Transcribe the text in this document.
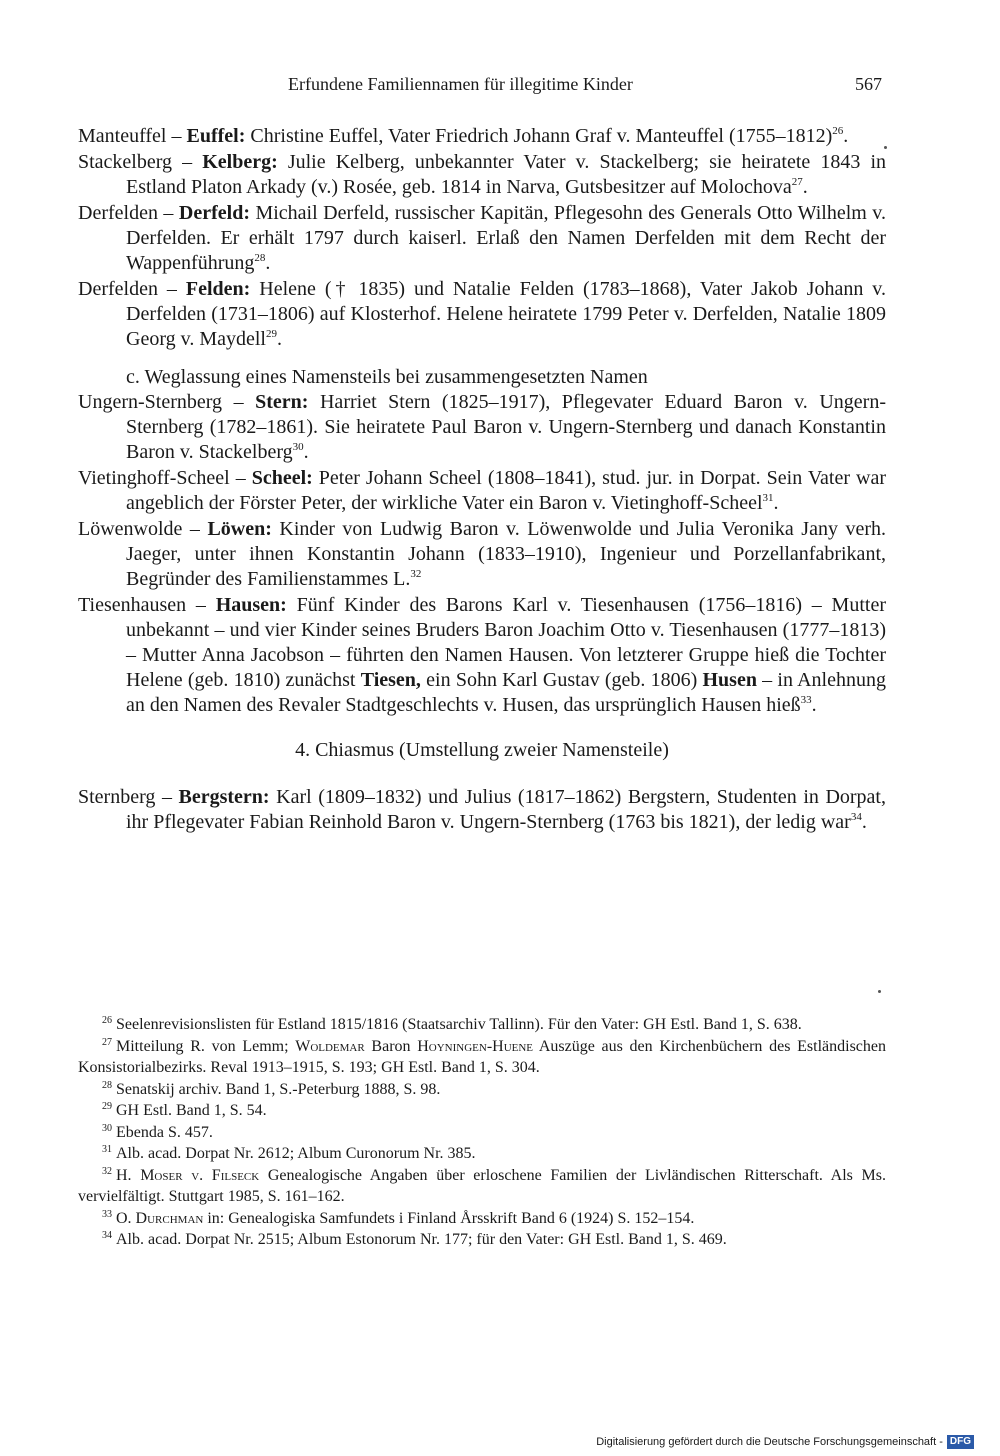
Erfundene Familiennamen für illegitime Kinder	567

Manteuffel – Euffel: Christine Euffel, Vater Friedrich Johann Graf v. Manteuffel (1755–1812)$^{26}$.

Stackelberg – Kelberg: Julie Kelberg, unbekannter Vater v. Stackelberg; sie heiratete 1843 in Estland Platon Arkady (v.) Rosée, geb. 1814 in Narva, Gutsbesitzer auf Molochova$^{27}$.

Derfelden – Derfeld: Michail Derfeld, russischer Kapitän, Pflegesohn des Generals Otto Wilhelm v. Derfelden. Er erhält 1797 durch kaiserl. Erlaß den Namen Derfelden mit dem Recht der Wappenführung$^{28}$.

Derfelden – Felden: Helene († 1835) und Natalie Felden (1783–1868), Vater Jakob Johann v. Derfelden (1731–1806) auf Klosterhof. Helene heiratete 1799 Peter v. Derfelden, Natalie 1809 Georg v. Maydell$^{29}$.

c. Weglassung eines Namensteils bei zusammengesetzten Namen

Ungern-Sternberg – Stern: Harriet Stern (1825–1917), Pflegevater Eduard Baron v. Ungern-Sternberg (1782–1861). Sie heiratete Paul Baron v. Ungern-Sternberg und danach Konstantin Baron v. Stackelberg$^{30}$.

Vietinghoff-Scheel – Scheel: Peter Johann Scheel (1808–1841), stud. jur. in Dorpat. Sein Vater war angeblich der Förster Peter, der wirkliche Vater ein Baron v. Vietinghoff-Scheel$^{31}$.

Löwenwolde – Löwen: Kinder von Ludwig Baron v. Löwenwolde und Julia Veronika Jany verh. Jaeger, unter ihnen Konstantin Johann (1833–1910), Ingenieur und Porzellanfabrikant, Begründer des Familienstammes L.$^{32}$

Tiesenhausen – Hausen: Fünf Kinder des Barons Karl v. Tiesenhausen (1756–1816) – Mutter unbekannt – und vier Kinder seines Bruders Baron Joachim Otto v. Tiesenhausen (1777–1813) – Mutter Anna Jacobson – führten den Namen Hausen. Von letzterer Gruppe hieß die Tochter Helene (geb. 1810) zunächst Tiesen, ein Sohn Karl Gustav (geb. 1806) Husen – in Anlehnung an den Namen des Revaler Stadtgeschlechts v. Husen, das ursprünglich Hausen hieß$^{33}$.

4. Chiasmus (Umstellung zweier Namensteile)

Sternberg – Bergstern: Karl (1809–1832) und Julius (1817–1862) Bergstern, Studenten in Dorpat, ihr Pflegevater Fabian Reinhold Baron v. Ungern-Sternberg (1763 bis 1821), der ledig war$^{34}$.

$^{26}$ Seelenrevisionslisten für Estland 1815/1816 (Staatsarchiv Tallinn). Für den Vater: GH Estl. Band 1, S. 638.

$^{27}$ Mitteilung R. von Lemm; Woldemar Baron Hoyningen-Huene Auszüge aus den Kirchenbüchern des Estländischen Konsistorialbezirks. Reval 1913–1915, S. 193; GH Estl. Band 1, S. 304.

$^{28}$ Senatskij archiv. Band 1, S.-Peterburg 1888, S. 98.

$^{29}$ GH Estl. Band 1, S. 54.

$^{30}$ Ebenda S. 457.

$^{31}$ Alb. acad. Dorpat Nr. 2612; Album Curonorum Nr. 385.

$^{32}$ H. Moser v. Filseck Genealogische Angaben über erloschene Familien der Livländischen Ritterschaft. Als Ms. vervielfältigt. Stuttgart 1985, S. 161–162.

$^{33}$ O. Durchman in: Genealogiska Samfundets i Finland Årsskrift Band 6 (1924) S. 152–154.

$^{34}$ Alb. acad. Dorpat Nr. 2515; Album Estonorum Nr. 177; für den Vater: GH Estl. Band 1, S. 469.

Digitalisierung gefördert durch die Deutsche Forschungsgemeinschaft - DFG
